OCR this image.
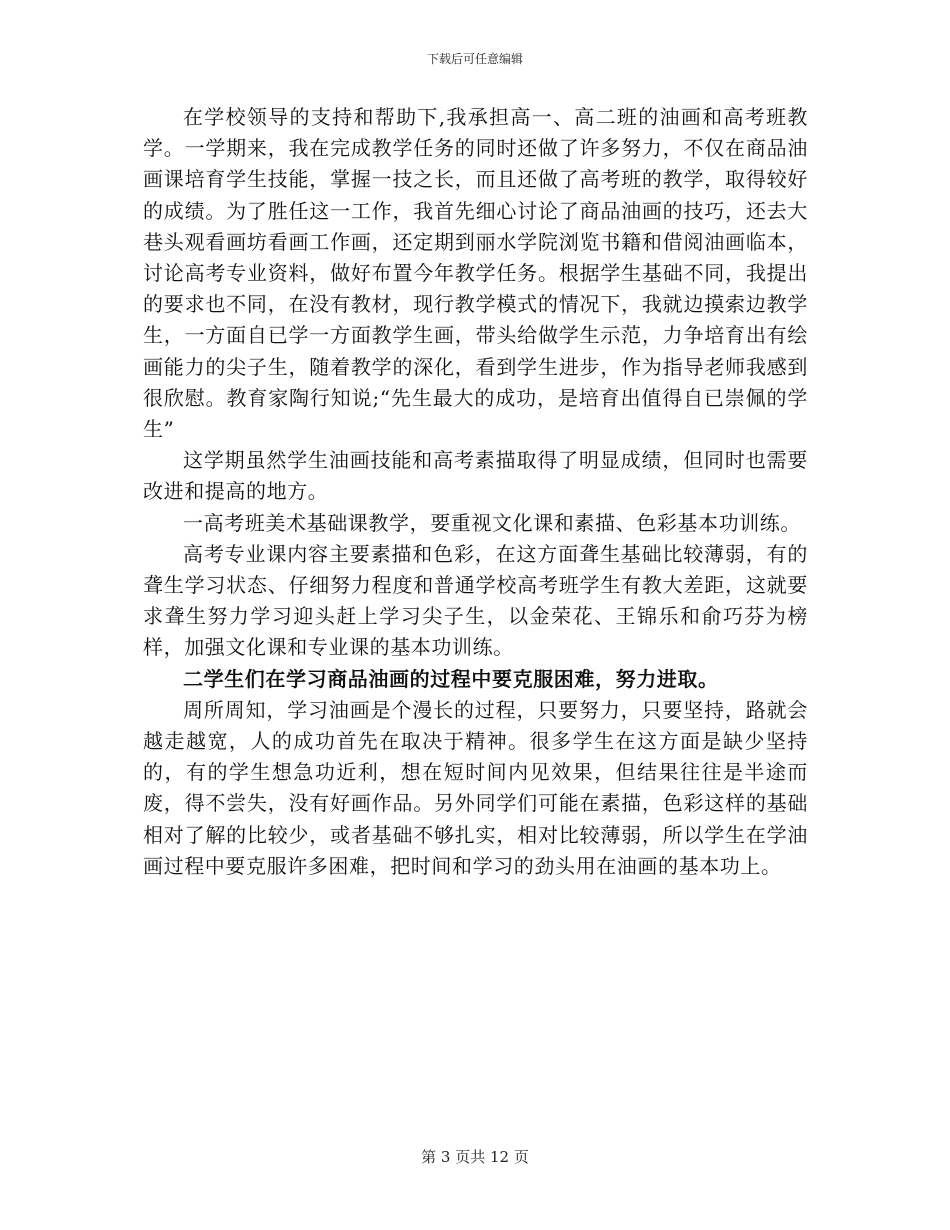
下载后可任意编辑

在学校领导的支持和帮助下,我承担高一、高二班的油画和高考班教学。一学期来，我在完成教学任务的同时还做了许多努力，不仅在商品油画课培育学生技能，掌握一技之长，而且还做了高考班的教学，取得较好的成绩。为了胜任这一工作，我首先细心讨论了商品油画的技巧，还去大巷头观看画坊看画工作画，还定期到丽水学院浏览书籍和借阅油画临本，讨论高考专业资料，做好布置今年教学任务。根据学生基础不同，我提出的要求也不同，在没有教材，现行教学模式的情况下，我就边摸索边教学生，一方面自已学一方面教学生画，带头给做学生示范，力争培育出有绘画能力的尖子生，随着教学的深化，看到学生进步，作为指导老师我感到很欣慰。教育家陶行知说;“先生最大的成功，是培育出值得自已崇佩的学生”

这学期虽然学生油画技能和高考素描取得了明显成绩，但同时也需要改进和提高的地方。

一高考班美术基础课教学，要重视文化课和素描、色彩基本功训练。

高考专业课内容主要素描和色彩，在这方面聋生基础比较薄弱，有的聋生学习状态、仔细努力程度和普通学校高考班学生有教大差距，这就要求聋生努力学习迎头赶上学习尖子生，以金荣花、王锦乐和俞巧芬为榜样，加强文化课和专业课的基本功训练。

二学生们在学习商品油画的过程中要克服困难，努力进取。

周所周知，学习油画是个漫长的过程，只要努力，只要坚持，路就会越走越宽，人的成功首先在取决于精神。很多学生在这方面是缺少坚持的，有的学生想急功近利，想在短时间内见效果，但结果往往是半途而废，得不尝失，没有好画作品。另外同学们可能在素描，色彩这样的基础相对了解的比较少，或者基础不够扎实，相对比较薄弱，所以学生在学油画过程中要克服许多困难，把时间和学习的劲头用在油画的基本功上。

第 3 页共 12 页
